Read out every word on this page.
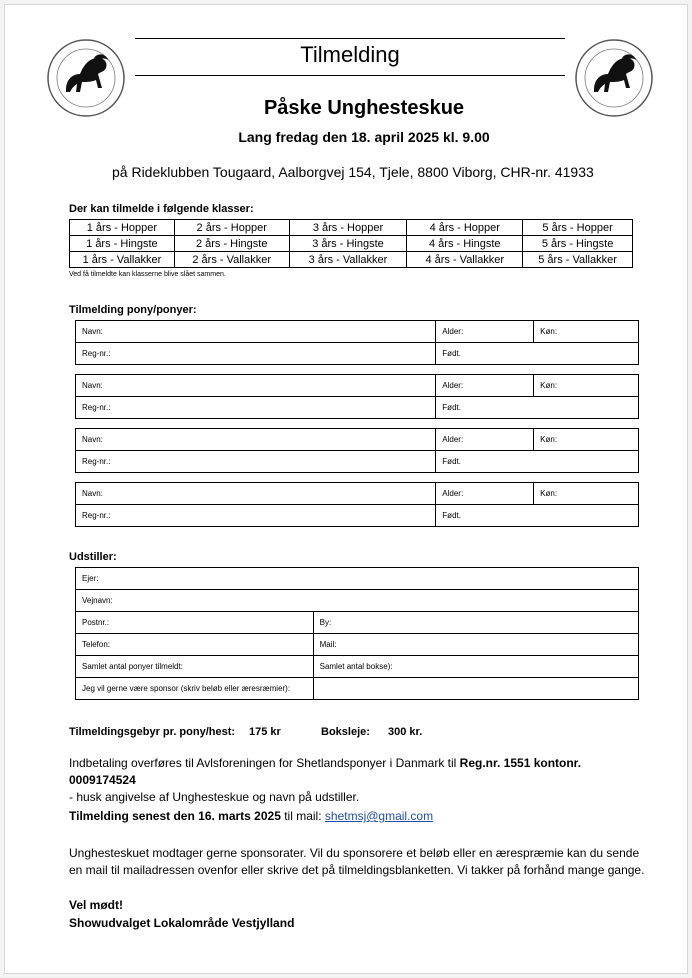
Tilmelding
Påske Unghesteskue
Lang fredag den 18. april 2025 kl. 9.00
på Rideklubben Tougaard, Aalborgvej 154, Tjele, 8800 Viborg, CHR-nr. 41933
Der kan tilmelde i følgende klasser:
1 års - Hopper	2 års - Hopper	3 års - Hopper	4 års - Hopper	5 års - Hopper
1 års - Hingste	2 års - Hingste	3 års - Hingste	4 års - Hingste	5 års - Hingste
1 års - Vallakker	2 års - Vallakker	3 års - Vallakker	4 års - Vallakker	5 års - Vallakker
Ved få tilmeldte kan klasserne blive slået sammen.
Tilmelding pony/ponyer:
Navn:	Alder:	Køn:
Reg-nr.:	Født.	
Navn:	Alder:	Køn:
Reg-nr.:	Født.	
Navn:	Alder:	Køn:
Reg-nr.:	Født.	
Navn:	Alder:	Køn:
Reg-nr.:	Født.	
Udstiller:
Ejer:	
Vejnavn:	
Postnr.:	By:
Telefon:	Mail:
Samlet antal ponyer tilmeldt:	Samlet antal bokse):
Jeg vil gerne være sponsor (skriv beløb eller æresræmier):	
Tilmeldingsgebyr pr. pony/hest: 175 kr	Boksleje: 300 kr.
Indbetaling overføres til Avlsforeningen for Shetlandsponyer i Danmark til Reg.nr. 1551 kontonr. 0009174524
- husk angivelse af Unghesteskue og navn på udstiller.
Tilmelding senest den 16. marts 2025 til mail: shetmsj@gmail.com
Unghesteskuet modtager gerne sponsorater. Vil du sponsorere et beløb eller en ærespræmie kan du sende en mail til mailadressen ovenfor eller skrive det på tilmeldingsblanketten. Vi takker på forhånd mange gange.
Vel mødt!
Showudvalget Lokalområde Vestjylland
